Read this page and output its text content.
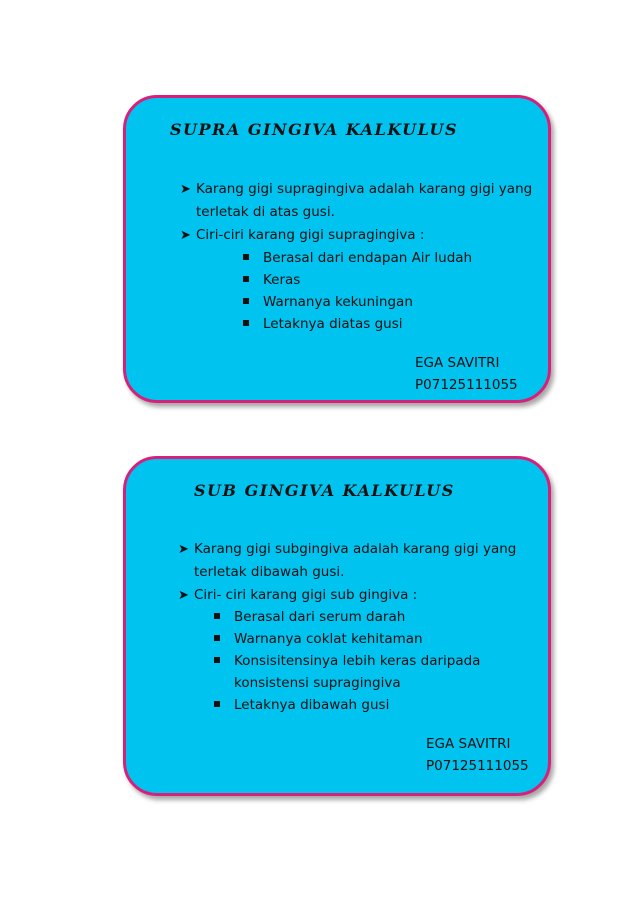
SUPRA GINGIVA KALKULUS
➤ Karang gigi supragingiva adalah karang gigi yang terletak di atas gusi.
➤ Ciri-ciri karang gigi supragingiva :
Berasal dari endapan Air ludah
Keras
Warnanya kekuningan
Letaknya diatas gusi
EGA SAVITRI
P07125111055
SUB GINGIVA KALKULUS
➤ Karang gigi subgingiva adalah karang gigi yang terletak dibawah gusi.
➤ Ciri- ciri karang gigi sub gingiva :
Berasal dari serum darah
Warnanya coklat kehitaman
Konsisitensinya lebih keras daripada konsistensi supragingiva
Letaknya dibawah gusi
EGA SAVITRI
P07125111055
